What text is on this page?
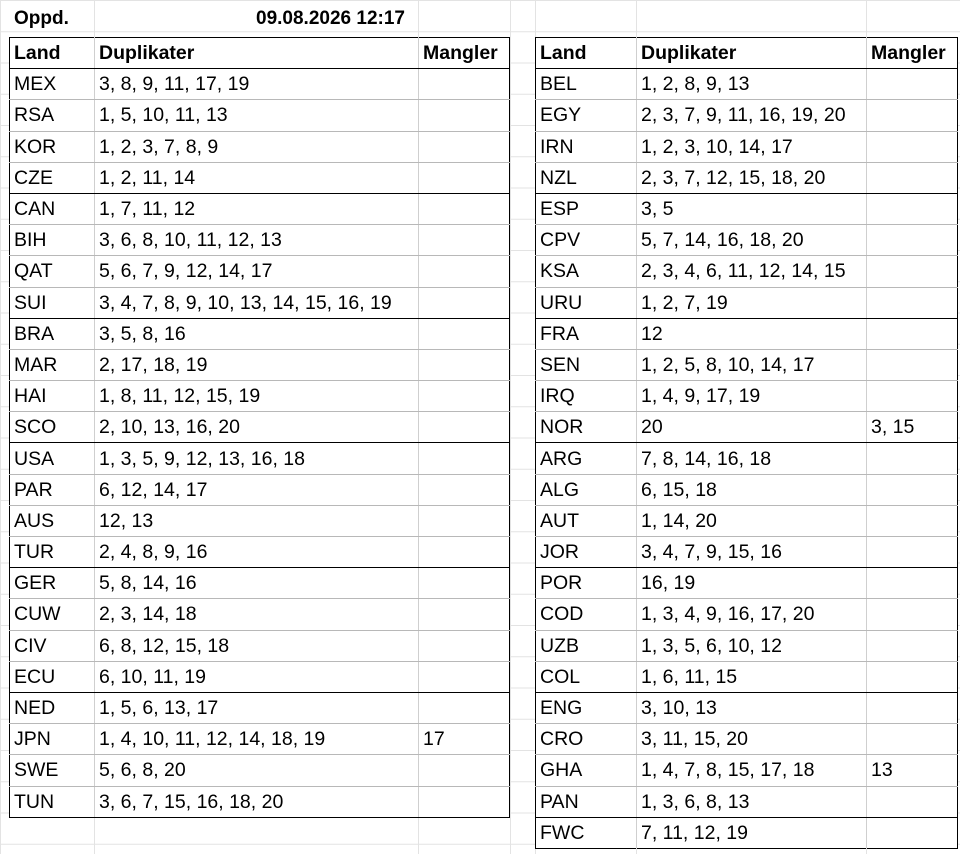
Oppd.	09.08.2026 12:17
Land	Duplikater	Mangler
MEX	3, 8, 9, 11, 17, 19	
RSA	1, 5, 10, 11, 13	
KOR	1, 2, 3, 7, 8, 9	
CZE	1, 2, 11, 14	
CAN	1, 7, 11, 12	
BIH	3, 6, 8, 10, 11, 12, 13	
QAT	5, 6, 7, 9, 12, 14, 17	
SUI	3, 4, 7, 8, 9, 10, 13, 14, 15, 16, 19	
BRA	3, 5, 8, 16	
MAR	2, 17, 18, 19	
HAI	1, 8, 11, 12, 15, 19	
SCO	2, 10, 13, 16, 20	
USA	1, 3, 5, 9, 12, 13, 16, 18	
PAR	6, 12, 14, 17	
AUS	12, 13	
TUR	2, 4, 8, 9, 16	
GER	5, 8, 14, 16	
CUW	2, 3, 14, 18	
CIV	6, 8, 12, 15, 18	
ECU	6, 10, 11, 19	
NED	1, 5, 6, 13, 17	
JPN	1, 4, 10, 11, 12, 14, 18, 19	17
SWE	5, 6, 8, 20	
TUN	3, 6, 7, 15, 16, 18, 20	
Land	Duplikater	Mangler
BEL	1, 2, 8, 9, 13	
EGY	2, 3, 7, 9, 11, 16, 19, 20	
IRN	1, 2, 3, 10, 14, 17	
NZL	2, 3, 7, 12, 15, 18, 20	
ESP	3, 5	
CPV	5, 7, 14, 16, 18, 20	
KSA	2, 3, 4, 6, 11, 12, 14, 15	
URU	1, 2, 7, 19	
FRA	12	
SEN	1, 2, 5, 8, 10, 14, 17	
IRQ	1, 4, 9, 17, 19	
NOR	20	3, 15
ARG	7, 8, 14, 16, 18	
ALG	6, 15, 18	
AUT	1, 14, 20	
JOR	3, 4, 7, 9, 15, 16	
POR	16, 19	
COD	1, 3, 4, 9, 16, 17, 20	
UZB	1, 3, 5, 6, 10, 12	
COL	1, 6, 11, 15	
ENG	3, 10, 13	
CRO	3, 11, 15, 20	
GHA	1, 4, 7, 8, 15, 17, 18	13
PAN	1, 3, 6, 8, 13	
FWC	7, 11, 12, 19	
